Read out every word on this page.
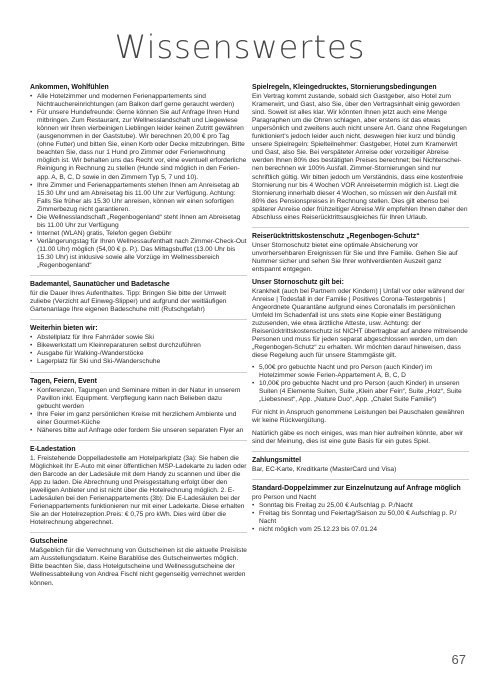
Wissenswertes
Ankommen, Wohlfühlen
• Alle Hotelzimmer und modernen Ferienappartements sind Nichtrauchereinrichtungen (am Balkon darf gerne geraucht werden)
• Für unsere Hundefreunde: Gerne können Sie auf Anfrage Ihren Hund mitbringen. Zum Restaurant, zur Wellnesslandschaft und Liegewiese können wir Ihren vierbeinigen Lieblingen leider keinen Zutritt gewähren (ausgenommen in der Gaststube). Wir berechnen 20,00 € pro Tag (ohne Futter) und bitten Sie, einen Korb oder Decke mitzubringen. Bitte beachten Sie, dass nur 1 Hund pro Zimmer oder Ferienwohnung möglich ist. Wir behalten uns das Recht vor, eine eventuell erforderliche Reinigung in Rechnung zu stellen (Hunde sind möglich in den Ferienapp. A, B, C, D sowie in den Zimmern Typ 5, 7 und 10).
• Ihre Zimmer und Ferienappartements stehen Ihnen am Anreisetag ab 15.30 Uhr und am Abreisetag bis 11.00 Uhr zur Verfügung. Achtung: Falls Sie früher als 15.30 Uhr anreisen, können wir einen sofortigen Zimmerbezug nicht garantieren.
• Die Wellnesslandschaft „Regenbogenland“ steht Ihnen am Abreisetag bis 11.00 Uhr zur Verfügung
• Internet (WLAN) gratis, Telefon gegen Gebühr
• Verlängerungstag für Ihren Wellnessaufenthalt nach Zimmer-Check-Out (11.00 Uhr) möglich (54,00 € p. P.). Das Mittagsbuffet (13.00 Uhr bis 15.30 Uhr) ist inklusive sowie alle Vorzüge im Wellnessbereich „Regenbogenland“
Bademantel, Saunatücher und Badetasche

für die Dauer Ihres Aufenthaltes. Tipp: Bringen Sie bitte der Umwelt zuliebe (Verzicht auf Einweg-Slipper) und aufgrund der weitläufigen Gartenanlage Ihre eigenen Badeschuhe mit! (Rutschgefahr)

Weiterhin bieten wir:
• Abstellplatz für Ihre Fahrräder sowie Ski
• Bikewerkstatt um Kleinreparaturen selbst durchzuführen
• Ausgabe für Walking-/Wanderstöcke
• Lagerplatz für Ski und Ski-/Wanderschuhe
Tagen, Feiern, Event
• Konferenzen, Tagungen und Seminare mitten in der Natur in unserem Pavillon inkl. Equipment. Verpflegung kann nach Belieben dazu gebucht werden
• Ihre Feier im ganz persönlichen Kreise mit herzlichem Ambiente und einer Gourmet-Küche
• Näheres bitte auf Anfrage oder fordern Sie unseren separaten Flyer an
E-Ladestation

1. Freistehende Doppelladestelle am Hotelparkplatz (3a): Sie haben die Möglichkeit Ihr E-Auto mit einer öffentlichen MSP-Ladekarte zu laden oder den Barcode an der Ladesäule mit dem Handy zu scannen und über die App zu laden. Die Abrechnung und Preisgestaltung erfolgt über den jeweiligen Anbieter und ist nicht über die Hotelrechnung möglich. 2. E-Ladesäulen bei den Ferienappartements (3b): Die E-Ladesäulen bei der Ferienappartements funktionieren nur mit einer Ladekarte. Diese erhalten Sie an der Hotelrezeption.Preis: € 0,75 pro kWh. Dies wird über die Hotelrechnung abgerechnet.

Gutscheine

Maßgeblich für die Verrechnung von Gutscheinen ist die aktuelle Preisliste am Ausstellungsdatum. Keine Barablöse des Gutscheinwertes möglich. Bitte beachten Sie, dass Hotelgutscheine und Wellnessgutscheine der Wellnessabteilung von Andrea Fischl nicht gegenseitig verrechnet werden können.

Spielregeln, Kleingedrucktes, Stornierungsbedingungen

Ein Vertrag kommt zustande, sobald sich Gastgeber, also Hotel zum Kramerwirt, und Gast, also Sie, über den Vertragsinhalt einig geworden sind. Soweit ist alles klar. Wir könnten Ihnen jetzt auch eine Menge Paragraphen um die Ohren schlagen, aber erstens ist das etwas unpersönlich und zweitens auch nicht unsere Art. Ganz ohne Regelungen funktioniert’s jedoch leider auch nicht, deswegen hier kurz und bündig unsere Spielregeln: Spielteilnehmer: Gastgeber, Hotel zum Kramerwirt und Gast, also Sie. Bei verspäteter Anreise oder vorzeitiger Abreise werden Ihnen 80% des bestätigten Preises berechnet; bei Nichterscheinen berechnen wir 100% Ausfall. Zimmer-Stornierungen sind nur schriftlich gültig. Wir bitten jedoch um Verständnis, dass eine kostenfreie Stornierung nur bis 4 Wochen VOR Anreisetermin möglich ist. Liegt die Stornierung innerhalb dieser 4 Wochen, so müssen wir den Ausfall mit 80% des Pensionspreises in Rechnung stellen. Dies gilt ebenso bei späterer Anreise oder frühzeitiger Abreise.Wir empfehlen Ihnen daher den Abschluss eines Reiserücktrittsausgleiches für Ihren Urlaub.

Reiserücktrittskostenschutz „Regenbogen-Schutz“

Unser Stornoschutz bietet eine optimale Absicherung vor unvorhersehbaren Ereignissen für Sie und Ihre Familie. Gehen Sie auf Nummer sicher und sehen Sie Ihrer wohlverdienten Auszeit ganz entspannt entgegen.

Unser Stornoschutz gilt bei:

Krankheit (auch bei Partnern oder Kindern) | Unfall vor oder während der Anreise | Todesfall in der Familie | Positives Corona-Testergebnis | Angeordnete Quarantäne aufgrund eines Coronafalls im persönlichen Umfeld Im Schadenfall ist uns stets eine Kopie einer Bestätigung zuzusenden, wie etwa ärztliche Atteste, usw. Achtung: der Reiserücktrittskostenschutz ist NICHT übertragbar auf andere mitreisende Personen und muss für jeden separat abgeschlossen werden, um den „Regenbogen-Schutz“ zu erhalten. Wir möchten darauf hinweisen, dass diese Regelung auch für unsere Stammgäste gilt.

• 5,00€ pro gebuchte Nacht und pro Person (auch Kinder) im Hotelzimmer sowie Ferien-Appartement A, B, C, D
• 10,00€ pro gebuchte Nacht und pro Person (auch Kinder) in unseren Suiten (4 Elemente Suiten, Suite „Klein aber Fein“, Suite „Holz“, Suite „Liebesnest“, App. „Nature Duo“, App. „Chalet Suite Familie“)

Für nicht in Anspruch genommene Leistungen bei Pauschalen gewähren wir keine Rückvergütung.

Natürlich gäbe es noch einiges, was man hier aufreihen könnte, aber wir sind der Meinung, dies ist eine gute Basis für ein gutes Spiel.

Zahlungsmittel

Bar, EC-Karte, Kreditkarte (MasterCard und Visa)

Standard-Doppelzimmer zur Einzelnutzung auf Anfrage möglich

pro Person und Nacht

• Sonntag bis Freitag zu 25,00 € Aufschlag p. P./Nacht
• Freitag bis Sonntag und Feiertag/Saison zu 50,00 € Aufschlag p. P./ Nacht
• nicht möglich vom 25.12.23 bis 07.01.24
67
